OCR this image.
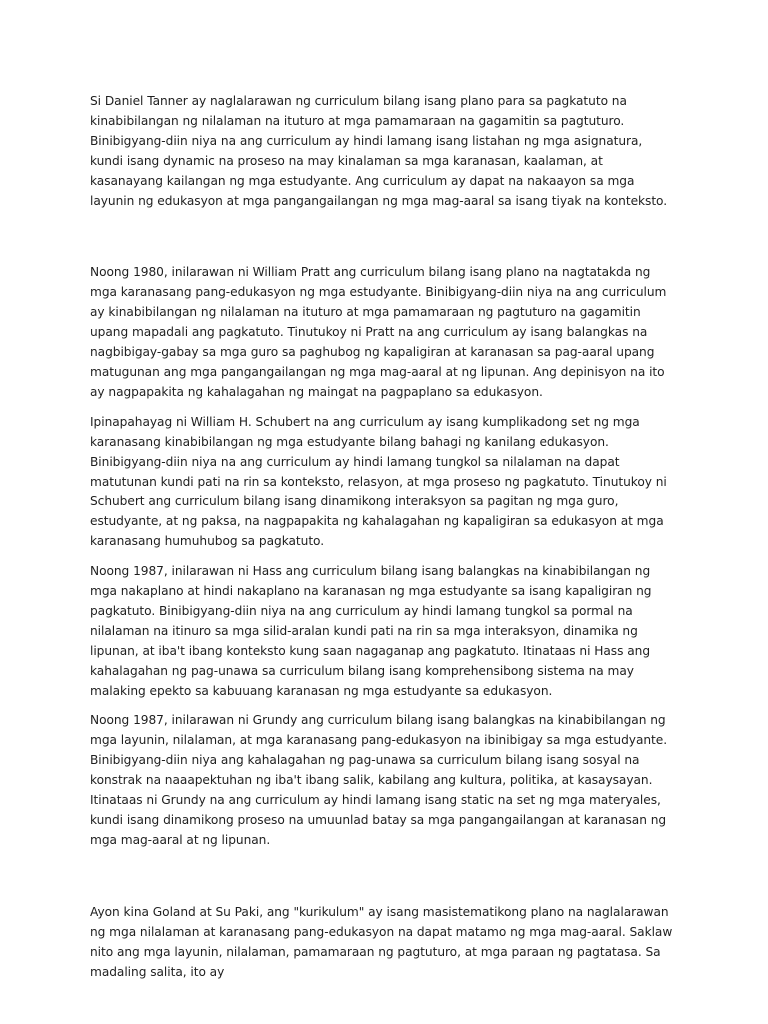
Si Daniel Tanner ay naglalarawan ng curriculum bilang isang plano para sa pagkatuto na kinabibilangan ng nilalaman na ituturo at mga pamamaraan na gagamitin sa pagtuturo. Binibigyang-diin niya na ang curriculum ay hindi lamang isang listahan ng mga asignatura, kundi isang dynamic na proseso na may kinalaman sa mga karanasan, kaalaman, at kasanayang kailangan ng mga estudyante. Ang curriculum ay dapat na nakaayon sa mga layunin ng edukasyon at mga pangangailangan ng mga mag-aaral sa isang tiyak na konteksto.

Noong 1980, inilarawan ni William Pratt ang curriculum bilang isang plano na nagtatakda ng mga karanasang pang-edukasyon ng mga estudyante. Binibigyang-diin niya na ang curriculum ay kinabibilangan ng nilalaman na ituturo at mga pamamaraan ng pagtuturo na gagamitin upang mapadali ang pagkatuto. Tinutukoy ni Pratt na ang curriculum ay isang balangkas na nagbibigay-gabay sa mga guro sa paghubog ng kapaligiran at karanasan sa pag-aaral upang matugunan ang mga pangangailangan ng mga mag-aaral at ng lipunan. Ang depinisyon na ito ay nagpapakita ng kahalagahan ng maingat na pagpaplano sa edukasyon.

Ipinapahayag ni William H. Schubert na ang curriculum ay isang kumplikadong set ng mga karanasang kinabibilangan ng mga estudyante bilang bahagi ng kanilang edukasyon. Binibigyang-diin niya na ang curriculum ay hindi lamang tungkol sa nilalaman na dapat matutunan kundi pati na rin sa konteksto, relasyon, at mga proseso ng pagkatuto. Tinutukoy ni Schubert ang curriculum bilang isang dinamikong interaksyon sa pagitan ng mga guro, estudyante, at ng paksa, na nagpapakita ng kahalagahan ng kapaligiran sa edukasyon at mga karanasang humuhubog sa pagkatuto.

Noong 1987, inilarawan ni Hass ang curriculum bilang isang balangkas na kinabibilangan ng mga nakaplano at hindi nakaplano na karanasan ng mga estudyante sa isang kapaligiran ng pagkatuto. Binibigyang-diin niya na ang curriculum ay hindi lamang tungkol sa pormal na nilalaman na itinuro sa mga silid-aralan kundi pati na rin sa mga interaksyon, dinamika ng lipunan, at iba't ibang konteksto kung saan nagaganap ang pagkatuto. Itinataas ni Hass ang kahalagahan ng pag-unawa sa curriculum bilang isang komprehensibong sistema na may malaking epekto sa kabuuang karanasan ng mga estudyante sa edukasyon.

Noong 1987, inilarawan ni Grundy ang curriculum bilang isang balangkas na kinabibilangan ng mga layunin, nilalaman, at mga karanasang pang-edukasyon na ibinibigay sa mga estudyante. Binibigyang-diin niya ang kahalagahan ng pag-unawa sa curriculum bilang isang sosyal na konstrak na naaapektuhan ng iba't ibang salik, kabilang ang kultura, politika, at kasaysayan. Itinataas ni Grundy na ang curriculum ay hindi lamang isang static na set ng mga materyales, kundi isang dinamikong proseso na umuunlad batay sa mga pangangailangan at karanasan ng mga mag-aaral at ng lipunan.

Ayon kina Goland at Su Paki, ang "kurikulum" ay isang masistematikong plano na naglalarawan ng mga nilalaman at karanasang pang-edukasyon na dapat matamo ng mga mag-aaral. Saklaw nito ang mga layunin, nilalaman, pamamaraan ng pagtuturo, at mga paraan ng pagtatasa. Sa madaling salita, ito ay
